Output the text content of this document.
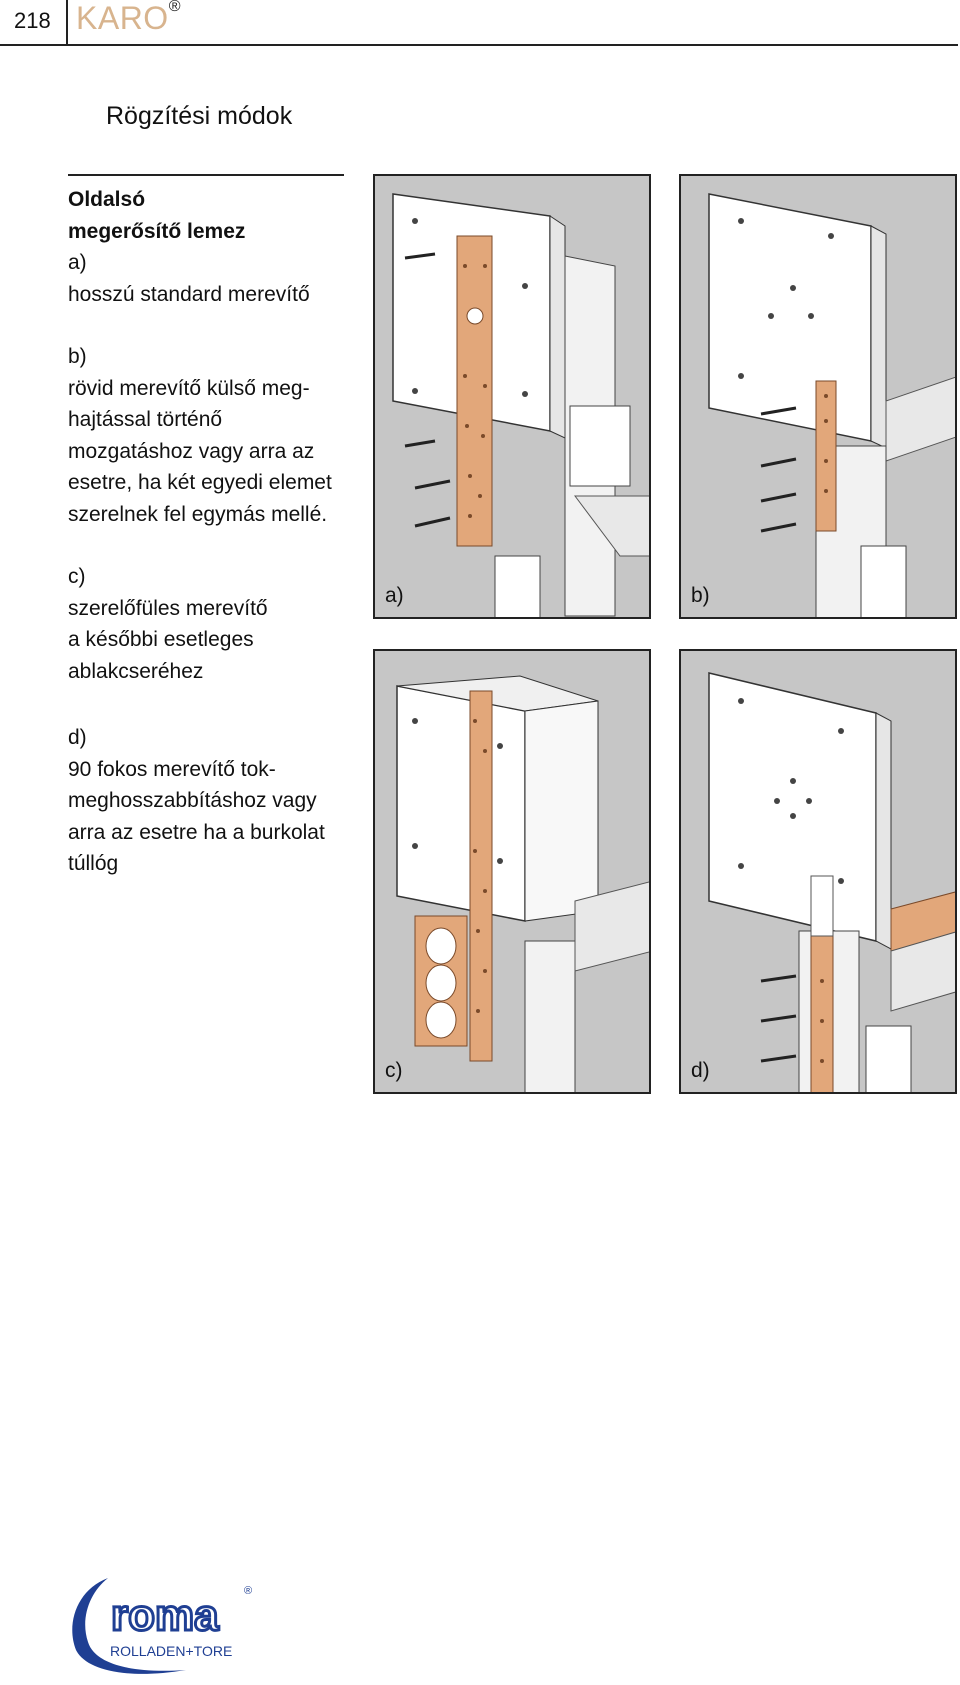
218 KARO®
Rögzítési módok
Oldalsó
megerősítő lemez
a)
hosszú standard merevítő
b)
rövid merevítő külső meg-
hajtással történő
mozgatáshoz vagy arra az
esetre, ha két egyedi elemet
szerelnek fel egymás mellé.
c)
szerelőfüles merevítő
a későbbi esetleges
ablakcseréhez
d)
90 fokos merevítő tok-
meghosszabbításhoz vagy
arra az esetre ha a burkolat
túllóg
a)	b)
c)	d)
roma ®
ROLLADEN+TORE
